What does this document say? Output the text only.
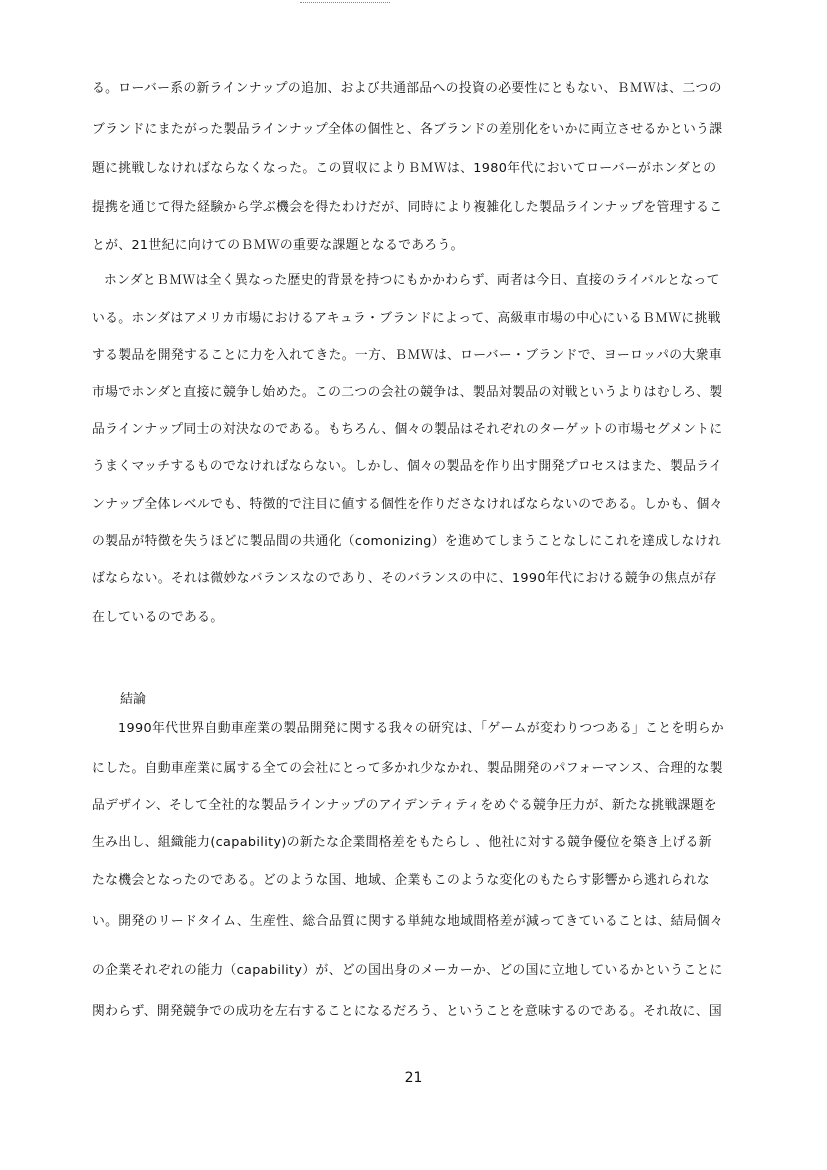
る。ローバー系の新ラインナップの追加、および共通部品への投資の必要性にともない、ＢＭＷは、二つの
ブランドにまたがった製品ラインナップ全体の個性と、各ブランドの差別化をいかに両立させるかという課
題に挑戦しなければならなくなった。この買収によりＢＭＷは、1980年代においてローバーがホンダとの
提携を通じて得た経験から学ぶ機会を得たわけだが、同時により複雑化した製品ラインナップを管理するこ
とが、21世紀に向けてのＢＭＷの重要な課題となるであろう。
ホンダとＢＭＷは全く異なった歴史的背景を持つにもかかわらず、両者は今日、直接のライバルとなって
いる。ホンダはアメリカ市場におけるアキュラ・ブランドによって、高級車市場の中心にいるＢＭＷに挑戦
する製品を開発することに力を入れてきた。一方、ＢＭＷは、ローバー・ブランドで、ヨーロッパの大衆車
市場でホンダと直接に競争し始めた。この二つの会社の競争は、製品対製品の対戦というよりはむしろ、製
品ラインナップ同士の対決なのである。もちろん、個々の製品はそれぞれのターゲットの市場セグメントに
うまくマッチするものでなければならない。しかし、個々の製品を作り出す開発プロセスはまた、製品ライ
ンナップ全体レベルでも、特徴的で注目に値する個性を作りださなければならないのである。しかも、個々
の製品が特徴を失うほどに製品間の共通化（comonizing）を進めてしまうことなしにこれを達成しなけれ
ばならない。それは微妙なバランスなのであり、そのバランスの中に、1990年代における競争の焦点が存
在しているのである。
結論
1990年代世界自動車産業の製品開発に関する我々の研究は、「ゲームが変わりつつある」ことを明らか
にした。自動車産業に属する全ての会社にとって多かれ少なかれ、製品開発のパフォーマンス、合理的な製
品デザイン、そして全社的な製品ラインナップのアイデンティティをめぐる競争圧力が、新たな挑戦課題を
生み出し、組織能力(capability)の新たな企業間格差をもたらし 、他社に対する競争優位を築き上げる新
たな機会となったのである。どのような国、地域、企業もこのような変化のもたらす影響から逃れられな
い。開発のリードタイム、生産性、総合品質に関する単純な地域間格差が減ってきていることは、結局個々
の企業それぞれの能力（capability）が、どの国出身のメーカーか、どの国に立地しているかということに
関わらず、開発競争での成功を左右することになるだろう、ということを意味するのである。それ故に、国
21
